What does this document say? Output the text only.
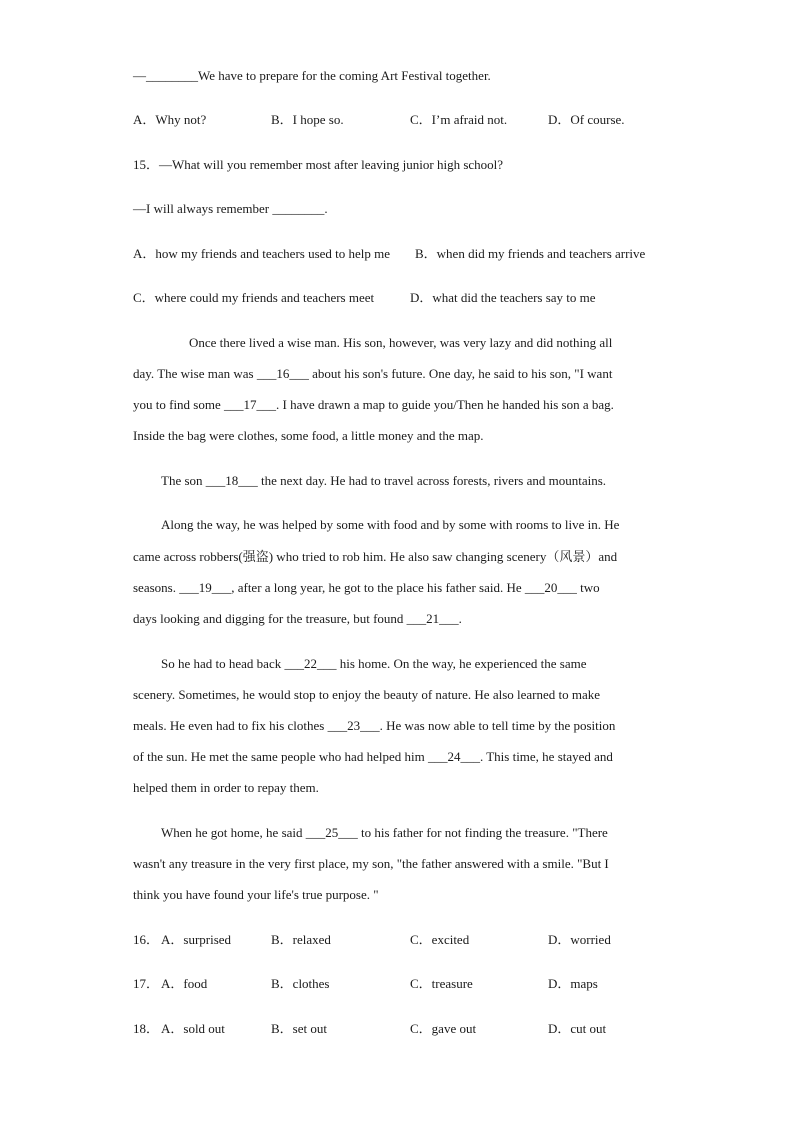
—________We have to prepare for the coming Art Festival together.
A．Why not?	B．I hope so.	C．I’m afraid not.	D．Of course.
15．—What will you remember most after leaving junior high school?
—I will always remember ________.
A．how my friends and teachers used to help me B．when did my friends and teachers arrive
C．where could my friends and teachers meet	D．what did the teachers say to me
Once there lived a wise man. His son, however, was very lazy and did nothing all
day. The wise man was ___16___ about his son's future. One day, he said to his son, "I want
you to find some ___17___. I have drawn a map to guide you/Then he handed his son a bag.
Inside the bag were clothes, some food, a little money and the map.
The son ___18___ the next day. He had to travel across forests, rivers and mountains.
Along the way, he was helped by some with food and by some with rooms to live in. He
came across robbers(强盗) who tried to rob him. He also saw changing scenery（风景）and
seasons. ___19___, after a long year, he got to the place his father said. He ___20___ two
days looking and digging for the treasure, but found ___21___.
So he had to head back ___22___ his home. On the way, he experienced the same
scenery. Sometimes, he would stop to enjoy the beauty of nature. He also learned to make
meals. He even had to fix his clothes ___23___. He was now able to tell time by the position
of the sun. He met the same people who had helped him ___24___. This time, he stayed and
helped them in order to repay them.
When he got home, he said ___25___ to his father for not finding the treasure. "There
wasn't any treasure in the very first place, my son, "the father answered with a smile. "But I
think you have found your life's true purpose. "
16． A．surprised	B．relaxed	C．excited	D．worried
17． A．food	B．clothes	C．treasure	D．maps
18． A．sold out	B．set out	C．gave out	D．cut out
